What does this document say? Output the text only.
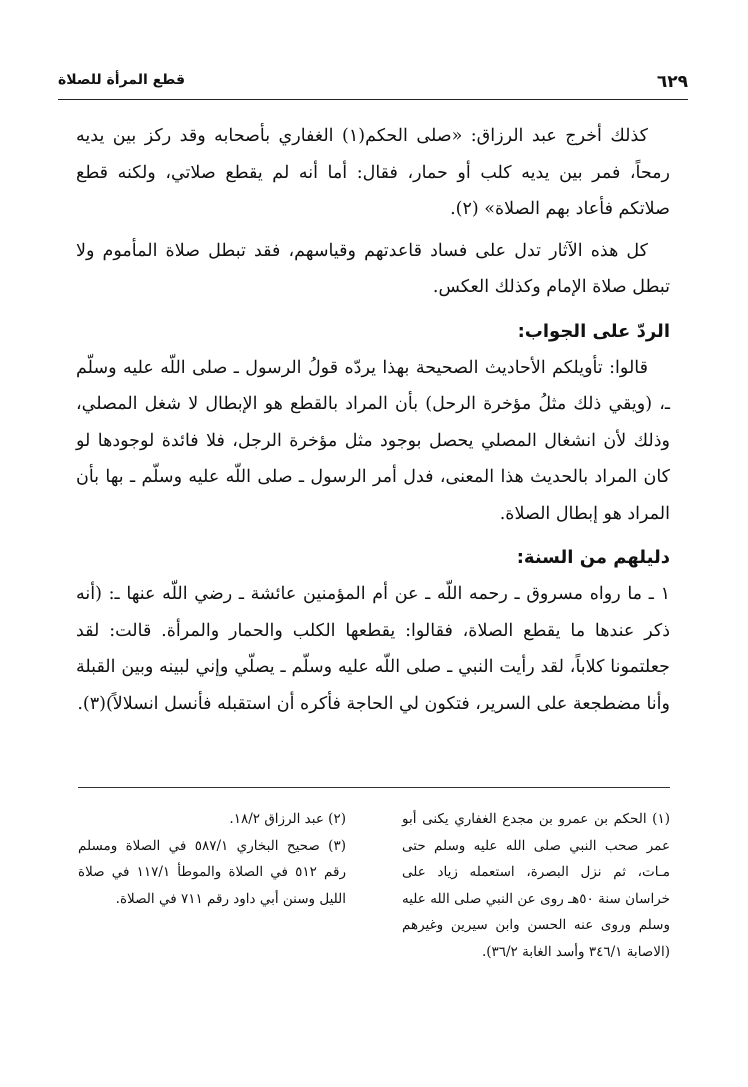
٦٢٩
قطع المرأة للصلاة

كذلك أخرج عبد الرزاق: «صلى الحكم(١) الغفاري بأصحابه وقد ركز بين يديه رمحاً، فمر بين يديه كلب أو حمار، فقال: أما أنه لم يقطع صلاتي، ولكنه قطع صلاتكم فأعاد بهم الصلاة» (٢).

كل هذه الآثار تدل على فساد قاعدتهم وقياسهم، فقد تبطل صلاة المأموم ولا تبطل صلاة الإمام وكذلك العكس.

الردّ على الجواب:

قالوا: تأويلكم الأحاديث الصحيحة بهذا يردّه قولُ الرسول ـ صلى اللّه عليه وسلّم ـ، (ويقي ذلك مثلُ مؤخرة الرحل) بأن المراد بالقطع هو الإبطال لا شغل المصلي، وذلك لأن انشغال المصلي يحصل بوجود مثل مؤخرة الرجل، فلا فائدة لوجودها لو كان المراد بالحديث هذا المعنى، فدل أمر الرسول ـ صلى اللّه عليه وسلّم ـ بها بأن المراد هو إبطال الصلاة.

دليلهم من السنة:

١ ـ ما رواه مسروق ـ رحمه اللّه ـ عن أم المؤمنين عائشة ـ رضي اللّه عنها ـ: (أنه ذكر عندها ما يقطع الصلاة، فقالوا: يقطعها الكلب والحمار والمرأة. قالت: لقد جعلتمونا كلاباً، لقد رأيت النبي ـ صلى اللّه عليه وسلّم ـ يصلّي وإني لبينه وبين القبلة وأنا مضطجعة على السرير، فتكون لي الحاجة فأكره أن استقبله فأنسل انسلالاً)(٣).

(١) الحكم بن عمرو بن مجدع الغفاري يكنى أبو عمر صحب النبي صلى الله عليه وسلم حتى مـات، ثم نزل البصرة، استعمله زياد على خراسان سنة ٥٠هـ روى عن النبي صلى الله عليه وسلم وروى عنه الحسن وابن سيرين وغيرهم (الاصابة ٣٤٦/١ وأسد الغابة ٣٦/٢).

(٢) عبد الرزاق ١٨/٢.

(٣) صحيح البخاري ٥٨٧/١ في الصلاة ومسلم رقم ٥١٢ في الصلاة والموطأ ١١٧/١ في صلاة الليل وسنن أبي داود رقم ٧١١ في الصلاة.
